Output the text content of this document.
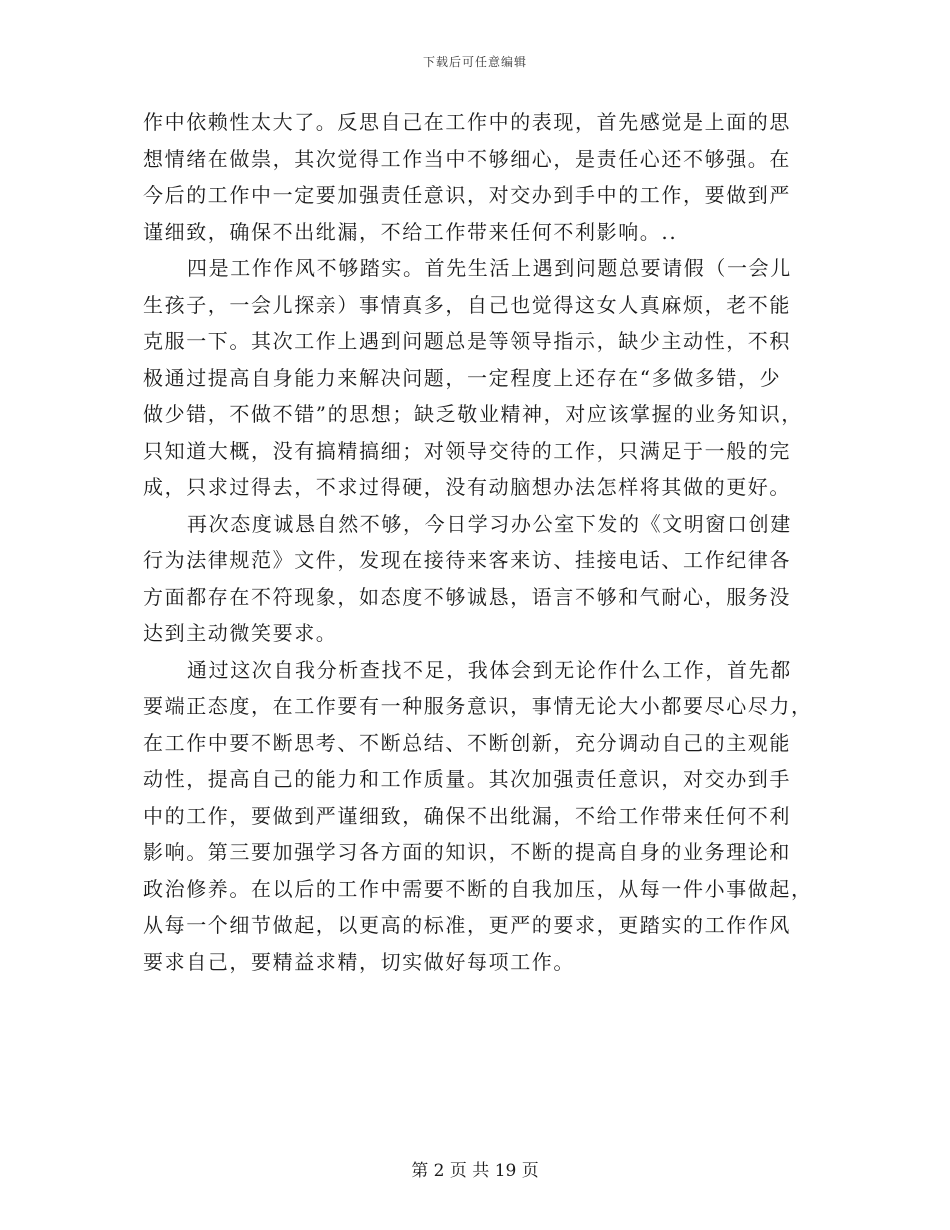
下载后可任意编辑
作中依赖性太大了。反思自己在工作中的表现，首先感觉是上面的思
想情绪在做祟，其次觉得工作当中不够细心，是责任心还不够强。在
今后的工作中一定要加强责任意识，对交办到手中的工作，要做到严
谨细致，确保不出纰漏，不给工作带来任何不利影响。..
四是工作作风不够踏实。首先生活上遇到问题总要请假（一会儿
生孩子，一会儿探亲）事情真多，自己也觉得这女人真麻烦，老不能
克服一下。其次工作上遇到问题总是等领导指示，缺少主动性，不积
极通过提高自身能力来解决问题，一定程度上还存在“多做多错，少
做少错，不做不错”的思想；缺乏敬业精神，对应该掌握的业务知识，
只知道大概，没有搞精搞细；对领导交待的工作，只满足于一般的完
成，只求过得去，不求过得硬，没有动脑想办法怎样将其做的更好。
再次态度诚恳自然不够，今日学习办公室下发的《文明窗口创建
行为法律规范》文件，发现在接待来客来访、挂接电话、工作纪律各
方面都存在不符现象，如态度不够诚恳，语言不够和气耐心，服务没
达到主动微笑要求。
通过这次自我分析查找不足，我体会到无论作什么工作，首先都
要端正态度，在工作要有一种服务意识，事情无论大小都要尽心尽力，
在工作中要不断思考、不断总结、不断创新，充分调动自己的主观能
动性，提高自己的能力和工作质量。其次加强责任意识，对交办到手
中的工作，要做到严谨细致，确保不出纰漏，不给工作带来任何不利
影响。第三要加强学习各方面的知识，不断的提高自身的业务理论和
政治修养。在以后的工作中需要不断的自我加压，从每一件小事做起，
从每一个细节做起，以更高的标准，更严的要求，更踏实的工作作风
要求自己，要精益求精，切实做好每项工作。
第 2 页 共 19 页
